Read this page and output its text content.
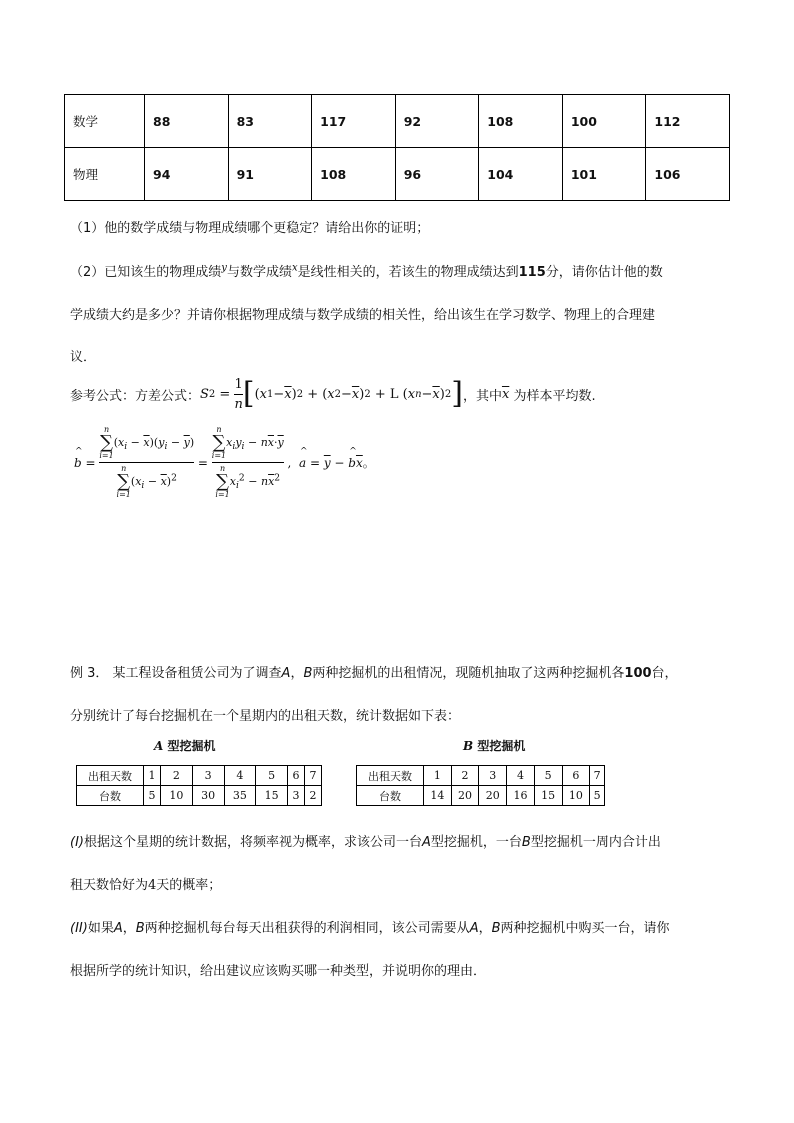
数学	88	83	117	92	108	100	112
物理	94	91	108	96	104	101	106
（1）他的数学成绩与物理成绩哪个更稳定？请给出你的证明；
（2）已知该生的物理成绩$^y$与数学成绩$^x$是线性相关的，若该生的物理成绩达到115分，请你估计他的数
学成绩大约是多少？并请你根据物理成绩与数学成绩的相关性，给出该生在学习数学、物理上的合理建
议．
参考公式：方差公式： S $2 = \frac{1}{n}$ [ ( x $1 - \overline{x}$ ) 2 + ( x $2 - \overline{x}$ ) 2 + L ( x $n - \overline{x}$ ) 2 ] ，其中 $\overline{x}$
为样本平均数.
^ b = n
∑
i=1
$(x_i - \overline{x})(y_i - \overline{y})$
n
∑
i=1
$(x_i - \overline{x})^2 = n$
∑
i=1
$x_iy_i - n\overline{x}\cdot\overline{y}$
n
∑
i=1
$x_i^2 - n\overline{x}^2$ , ^ $a = \overline{y}$ − ^ b $\overline{x}$ 。
例 3． 某工程设备租赁公司为了调查A，B两种挖掘机的出租情况，现随机抽取了这两种挖掘机各100台，
分别统计了每台挖掘机在一个星期内的出租天数，统计数据如下表：
A 型挖掘机
出租天数	1	2	3	4	5	6	7
台数	5	10	30	35	15	3	2
B 型挖掘机
出租天数	1	2	3	4	5	6	7
台数	14	20	20	16	15	10	5
(I)根据这个星期的统计数据，将频率视为概率，求该公司一台A型挖掘机，一台B型挖掘机一周内合计出
租天数恰好为4天的概率；
(II)如果A，B两种挖掘机每台每天出租获得的利润相同，该公司需要从A，B两种挖掘机中购买一台，请你
根据所学的统计知识，给出建议应该购买哪一种类型，并说明你的理由．
